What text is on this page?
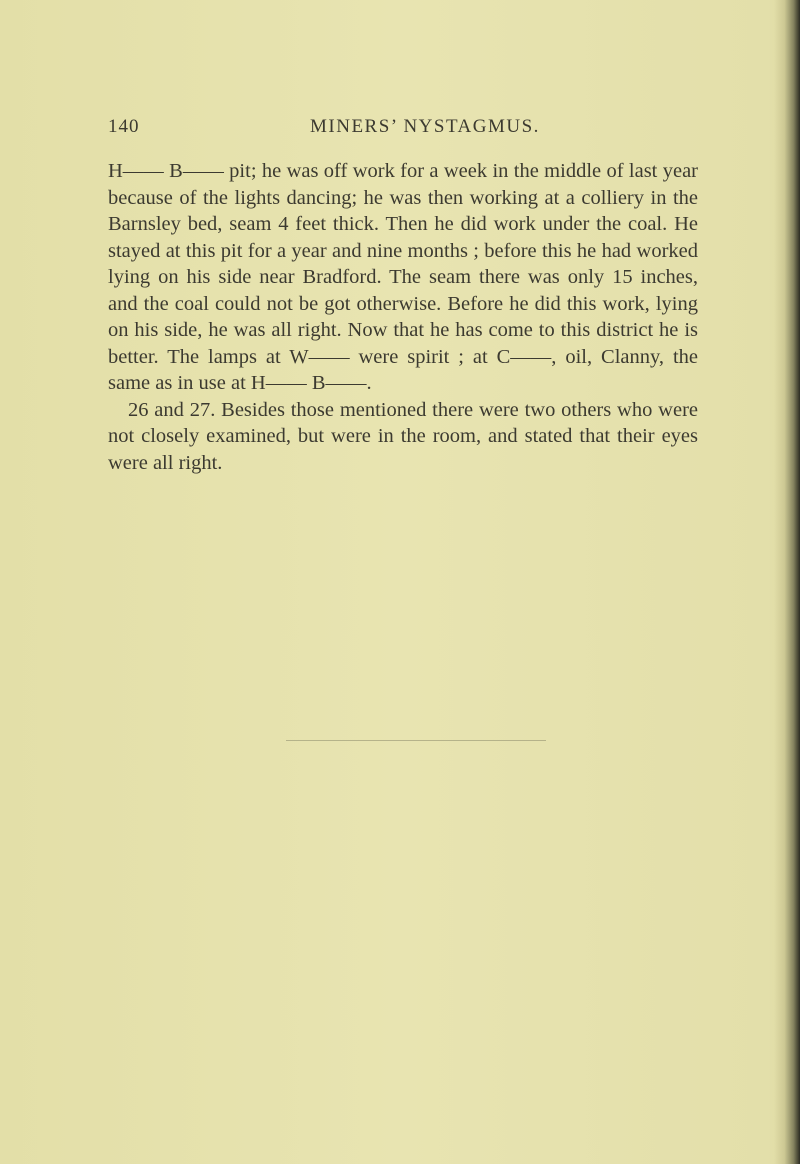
140	MINERS’ NYSTAGMUS.

H—— B—— pit; he was off work for a week in the middle of last year because of the lights dancing; he was then working at a colliery in the Barnsley bed, seam 4 feet thick. Then he did work under the coal. He stayed at this pit for a year and nine months ; before this he had worked lying on his side near Bradford. The seam there was only 15 inches, and the coal could not be got otherwise. Before he did this work, lying on his side, he was all right. Now that he has come to this district he is better. The lamps at W—— were spirit ; at C——, oil, Clanny, the same as in use at H—— B——.

26 and 27. Besides those mentioned there were two others who were not closely examined, but were in the room, and stated that their eyes were all right.
